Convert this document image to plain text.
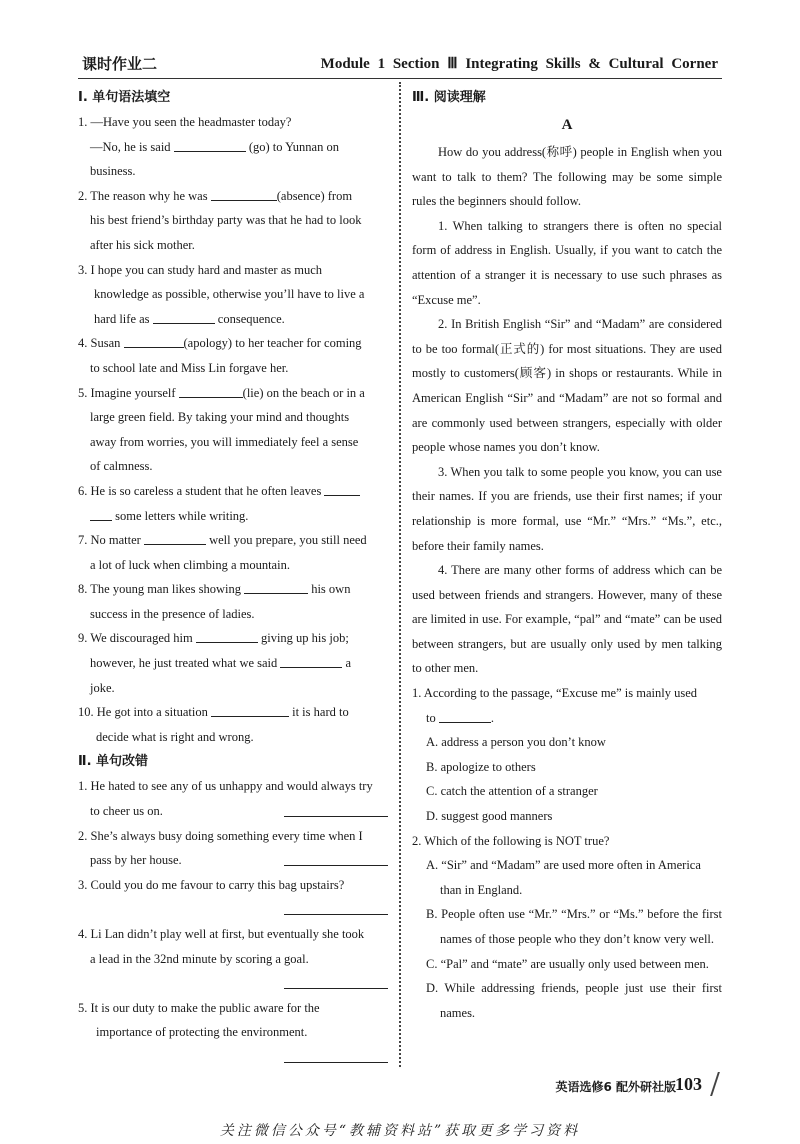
课时作业二	Module 1 Section Ⅲ Integrating Skills & Cultural Corner
Ⅰ. 单句语法填空
1. —Have you seen the headmaster today?
—No, he is said	(go) to Yunnan on
business.
2. The reason why he was	(absence) from
his best friend’s birthday party was that he had to look
after his sick mother.
3. I hope you can study hard and master as much
knowledge as possible, otherwise you’ll have to live a
hard life as	consequence.
4. Susan	(apology) to her teacher for coming
to school late and Miss Lin forgave her.
5. Imagine yourself	(lie) on the beach or in a
large green field. By taking your mind and thoughts
away from worries, you will immediately feel a sense
of calmness.
6. He is so careless a student that he often leaves
some letters while writing.
7. No matter	well you prepare, you still need
a lot of luck when climbing a mountain.
8. The young man likes showing	his own
success in the presence of ladies.
9. We discouraged him	giving up his job;
however, he just treated what we said	a
joke.
10. He got into a situation	it is hard to
decide what is right and wrong.
Ⅱ. 单句改错
1. He hated to see any of us unhappy and would always try
to cheer us on.
2. She’s always busy doing something every time when I
pass by her house.
3. Could you do me favour to carry this bag upstairs?
4. Li Lan didn’t play well at first, but eventually she took
a lead in the 32nd minute by scoring a goal.
5. It is our duty to make the public aware for the
importance of protecting the environment.
Ⅲ. 阅读理解
A
How do you address(称呼) people in English when you want to talk to them? The following may be some simple rules the beginners should follow.
1. When talking to strangers there is often no special form of address in English. Usually, if you want to catch the attention of a stranger it is necessary to use such phrases as “Excuse me”.
2. In British English “Sir” and “Madam” are considered to be too formal(正式的) for most situations. They are used mostly to customers(顾客) in shops or restaurants. While in American English “Sir” and “Madam” are not so formal and are commonly used between strangers, especially with older people whose names you don’t know.
3. When you talk to some people you know, you can use their names. If you are friends, use their first names; if your relationship is more formal, use “Mr.” “Mrs.” “Ms.”, etc., before their family names.
4. There are many other forms of address which can be used between friends and strangers. However, many of these are limited in use. For example, “pal” and “mate” can be used between strangers, but are usually only used by men talking to other men.
1. According to the passage, “Excuse me” is mainly used
to	.
A. address a person you don’t know
B. apologize to others
C. catch the attention of a stranger
D. suggest good manners
2. Which of the following is NOT true?
A. “Sir” and “Madam” are used more often in America than in England.
B. People often use “Mr.” “Mrs.” or “Ms.” before the first names of those people who they don’t know very well.
C. “Pal” and “mate” are usually only used between men.
D. While addressing friends, people just use their first names.
英语选修6 配外研社版 103
关注微信公众号“教辅资料站”获取更多学习资料
